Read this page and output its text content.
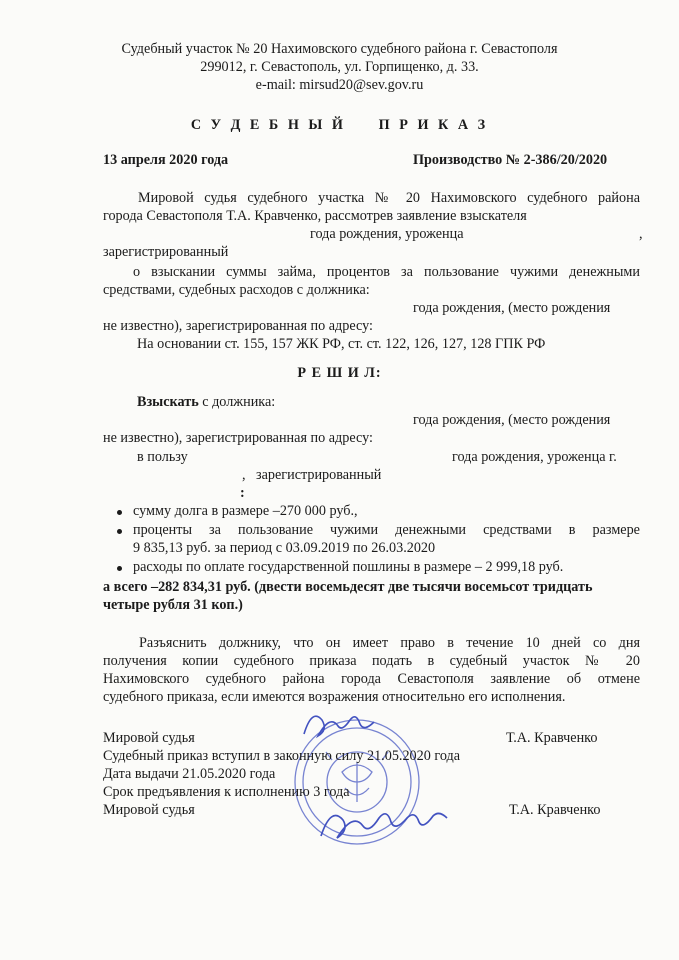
Судебный участок № 20 Нахимовского судебного района г. Севастополя
299012, г. Севастополь, ул. Горпищенко, д. 33.
e-mail: mirsud20@sev.gov.ru
С У Д Е Б Н Ы Й     П Р И К А З
13 апреля 2020 года	Производство № 2-386/20/2020
Мировой судья судебного участка № 20 Нахимовского судебного района
города Севастополя Т.А. Кравченко, рассмотрев заявление взыскателя
года рождения, уроженца	,
зарегистрированный
о взыскании суммы займа, процентов за пользование чужими денежными
средствами, судебных расходов с должника:
года рождения, (место рождения
не известно), зарегистрированная по адресу:
На основании ст. 155, 157 ЖК РФ, ст. ст. 122, 126, 127, 128 ГПК РФ
Р Е Ш И Л:
Взыскать с должника:
года рождения, (место рождения
не известно), зарегистрированная по адресу:
в пользу	года рождения, уроженца г.
, зарегистрированный
:
сумму долга в размере –270 000 руб.,
проценты за пользование чужими денежными средствами в размере
9 835,13 руб. за период с 03.09.2019 по 26.03.2020
расходы по оплате государственной пошлины в размере – 2 999,18 руб.
а всего –282 834,31 руб. (двести восемьдесят две тысячи восемьсот тридцать
четыре рубля 31 коп.)
Разъяснить должнику, что он имеет право в течение 10 дней со дня
получения копии судебного приказа подать в судебный участок № 20
Нахимовского судебного района города Севастополя заявление об отмене
судебного приказа, если имеются возражения относительно его исполнения.
Мировой судья	Т.А. Кравченко
Судебный приказ вступил в законную силу 21.05.2020 года
Дата выдачи 21.05.2020 года
Срок предъявления к исполнению 3 года
Мировой судья	Т.А. Кравченко
